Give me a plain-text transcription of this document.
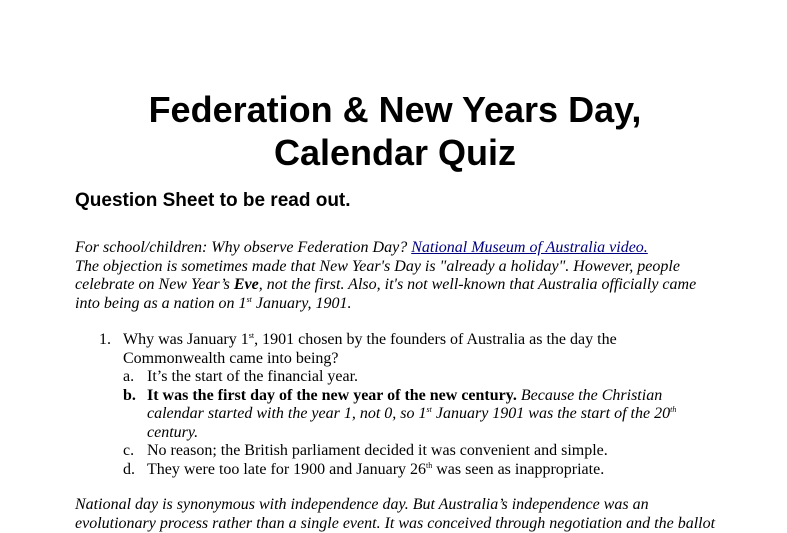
Federation & New Years Day,
Calendar Quiz
Question Sheet to be read out.

For school/children: Why observe Federation Day? National Museum of Australia video.
The objection is sometimes made that New Year's Day is "already a holiday". However, people celebrate on New Year’s Eve, not the first. Also, it's not well-known that Australia officially came into being as a nation on 1st January, 1901.

1. Why was January 1st, 1901 chosen by the founders of Australia as the day the Commonwealth came into being?
a. It’s the start of the financial year.
b. It was the first day of the new year of the new century. Because the Christian calendar started with the year 1, not 0, so 1st January 1901 was the start of the 20th century.
c. No reason; the British parliament decided it was convenient and simple.
d. They were too late for 1900 and January 26th was seen as inappropriate.

National day is synonymous with independence day. But Australia’s independence was an
evolutionary process rather than a single event. It was conceived through negotiation and the ballot
